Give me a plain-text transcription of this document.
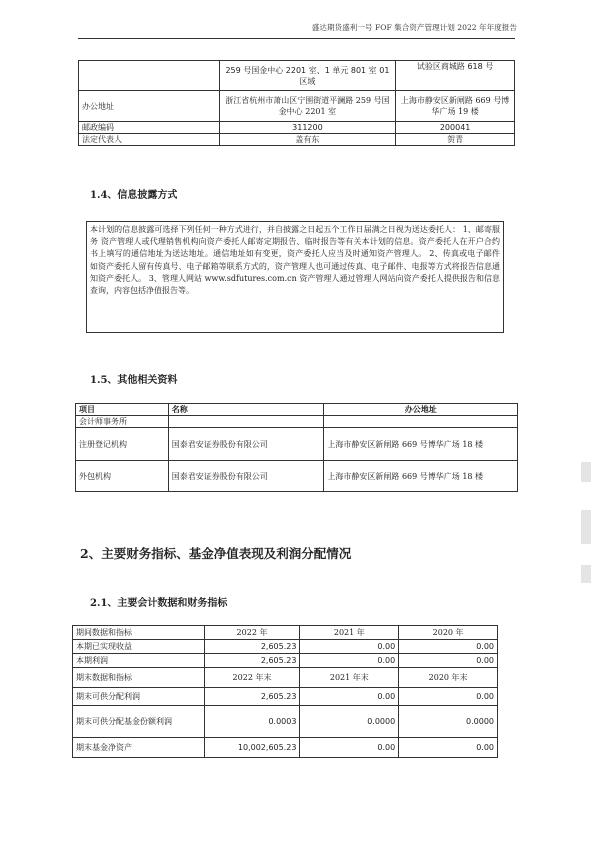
盛达期货盛利一号 FOF 集合资产管理计划 2022 年年度报告
	259 号国金中心 2201 室、1 单元 801 室 01 区域	试验区商城路 618 号
办公地址	浙江省杭州市萧山区宁围街道平澜路 259 号国金中心 2201 室	上海市静安区新闸路 669 号博华广场 19 楼
邮政编码	311200	200041
法定代表人	盖有东	贺青
1.4、信息披露方式
本计划的信息披露可选择下列任何一种方式进行，并自披露之日起五个工作日届满之日视为送达委托人： 1、邮寄服务 资产管理人或代理销售机构向资产委托人邮寄定期报告、临时报告等有关本计划的信息。资产委托人在开户合约书上填写的通信地址为送达地址。通信地址如有变更，资产委托人应当及时通知资产管理人。 2、传真或电子邮件 如资产委托人留有传真号、电子邮箱等联系方式的，资产管理人也可通过传真、电子邮件、电报等方式将报告信息通知资产委托人。 3、管理人网站 www.sdfutures.com.cn 资产管理人通过管理人网站向资产委托人提供报告和信息查询，内容包括净值报告等。
1.5、其他相关资料
项目	名称	办公地址
会计师事务所		
注册登记机构	国泰君安证券股份有限公司	上海市静安区新闸路 669 号博华广场 18 楼
外包机构	国泰君安证券股份有限公司	上海市静安区新闸路 669 号博华广场 18 楼
2、主要财务指标、基金净值表现及利润分配情况
2.1、主要会计数据和财务指标
期间数据和指标	2022 年	2021 年	2020 年
本期已实现收益	2,605.23	0.00	0.00
本期利润	2,605.23	0.00	0.00
期末数据和指标	2022 年末	2021 年末	2020 年末
期末可供分配利润	2,605.23	0.00	0.00
期末可供分配基金份额利润	0.0003	0.0000	0.0000
期末基金净资产	10,002,605.23	0.00	0.00
